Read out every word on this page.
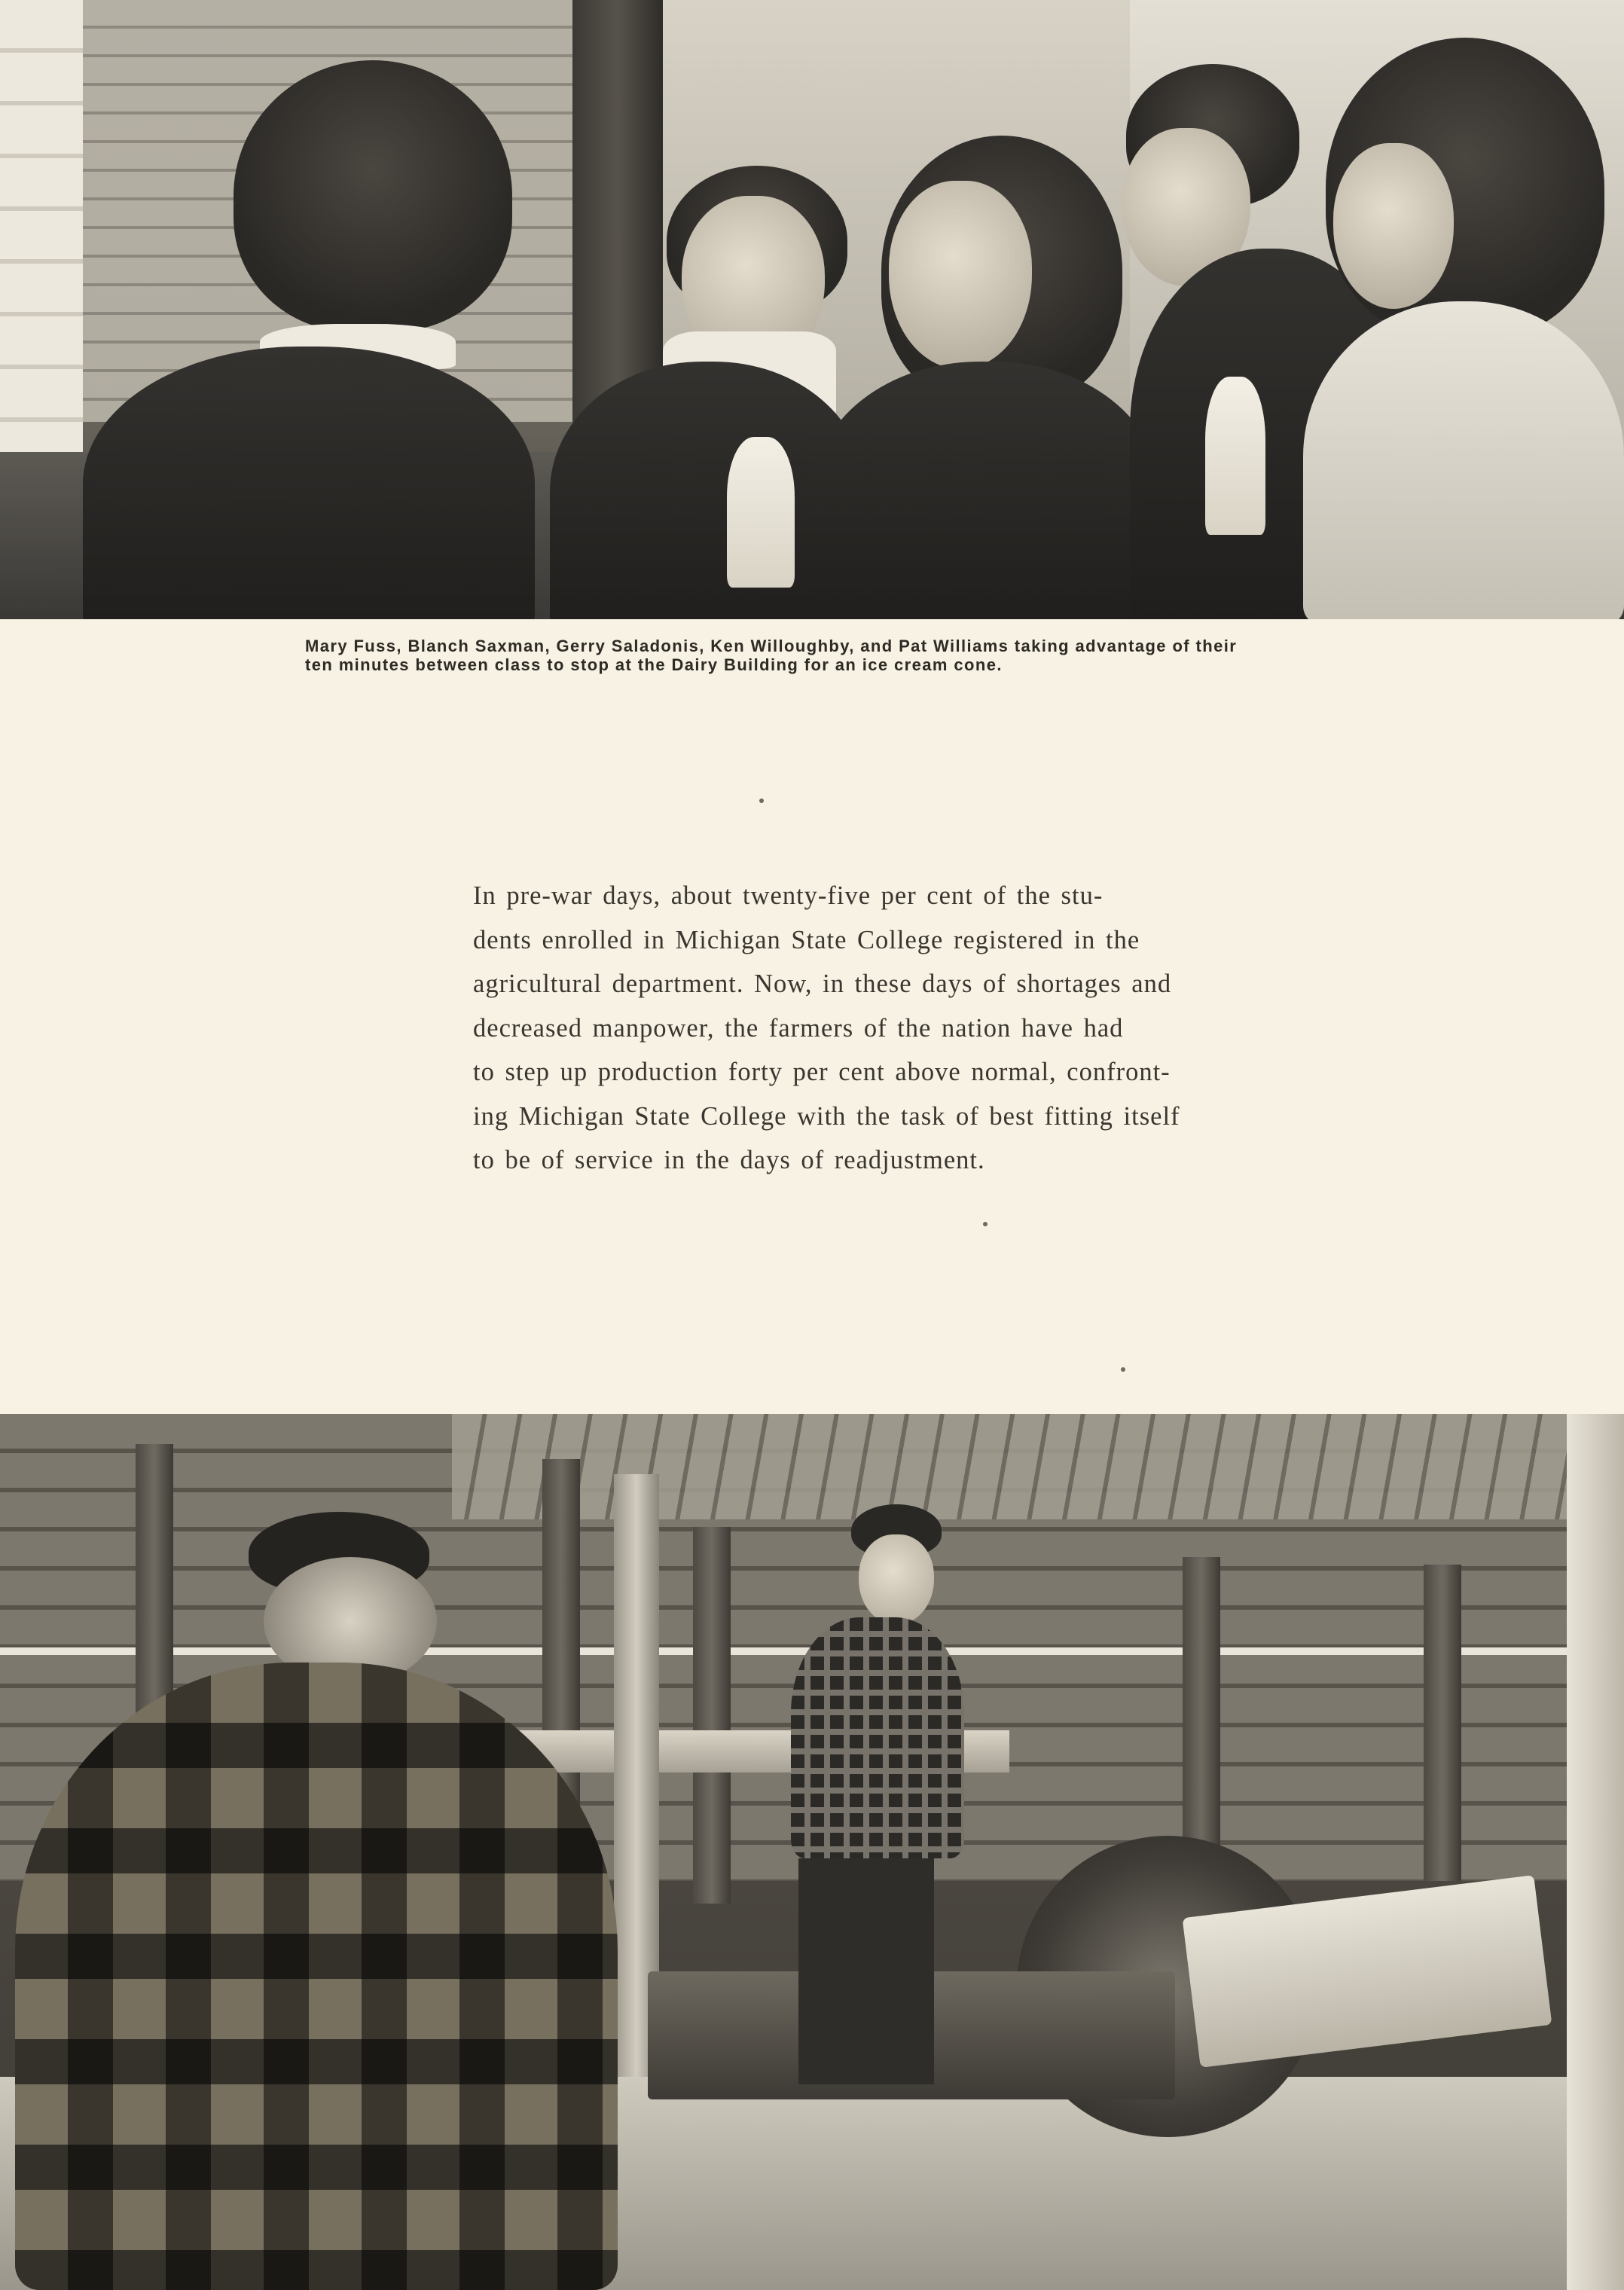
Mary Fuss, Blanch Saxman, Gerry Saladonis, Ken Willoughby, and Pat Williams taking advantage of their
ten minutes between class to stop at the Dairy Building for an ice cream cone.

In pre-war days, about twenty-five per cent of the stu-
dents enrolled in Michigan State College registered in the
agricultural department. Now, in these days of shortages and
decreased manpower, the farmers of the nation have had
to step up production forty per cent above normal, confront-
ing Michigan State College with the task of best fitting itself
to be of service in the days of readjustment.
